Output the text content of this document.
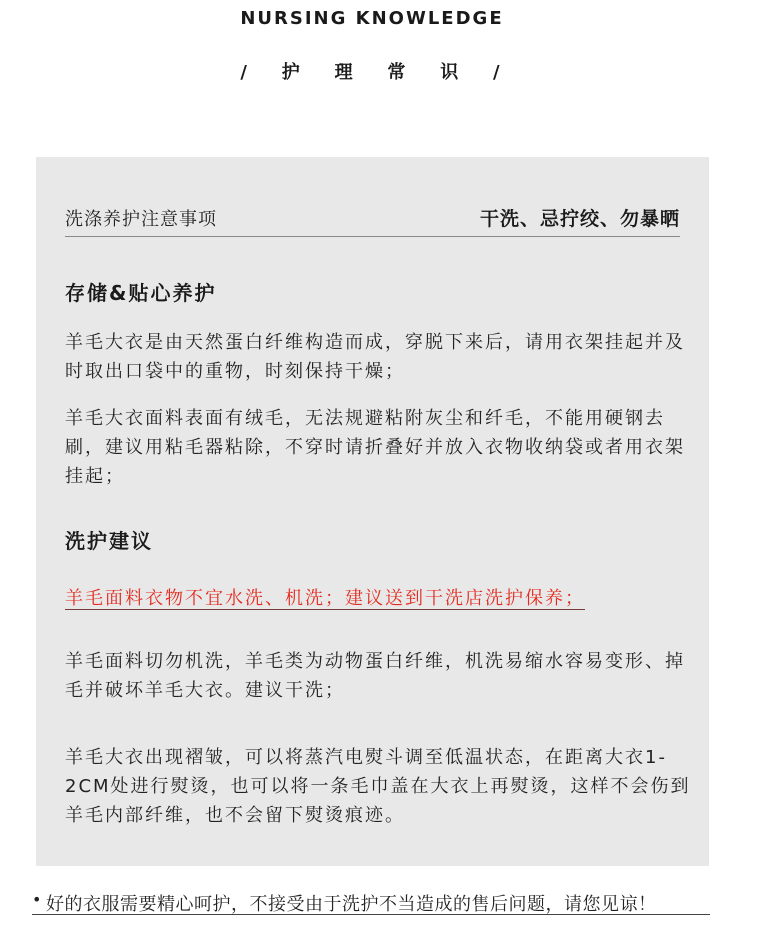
NURSING KNOWLEDGE
/   护   理   常   识   /
洗涤养护注意事项	干洗、忌拧绞、勿暴晒
存储&贴心养护
羊毛大衣是由天然蛋白纤维构造而成，穿脱下来后，请用衣架挂起并及时取出口袋中的重物，时刻保持干燥；
羊毛大衣面料表面有绒毛，无法规避粘附灰尘和纤毛，不能用硬钢去刷，建议用粘毛器粘除，不穿时请折叠好并放入衣物收纳袋或者用衣架挂起；
洗护建议
羊毛面料衣物不宜水洗、机洗；建议送到干洗店洗护保养；
羊毛面料切勿机洗，羊毛类为动物蛋白纤维，机洗易缩水容易变形、掉毛并破坏羊毛大衣。建议干洗；
羊毛大衣出现褶皱，可以将蒸汽电熨斗调至低温状态，在距离大衣1-2CM处进行熨烫，也可以将一条毛巾盖在大衣上再熨烫，这样不会伤到羊毛内部纤维，也不会留下熨烫痕迹。
• 好的衣服需要精心呵护，不接受由于洗护不当造成的售后问题，请您见谅！
